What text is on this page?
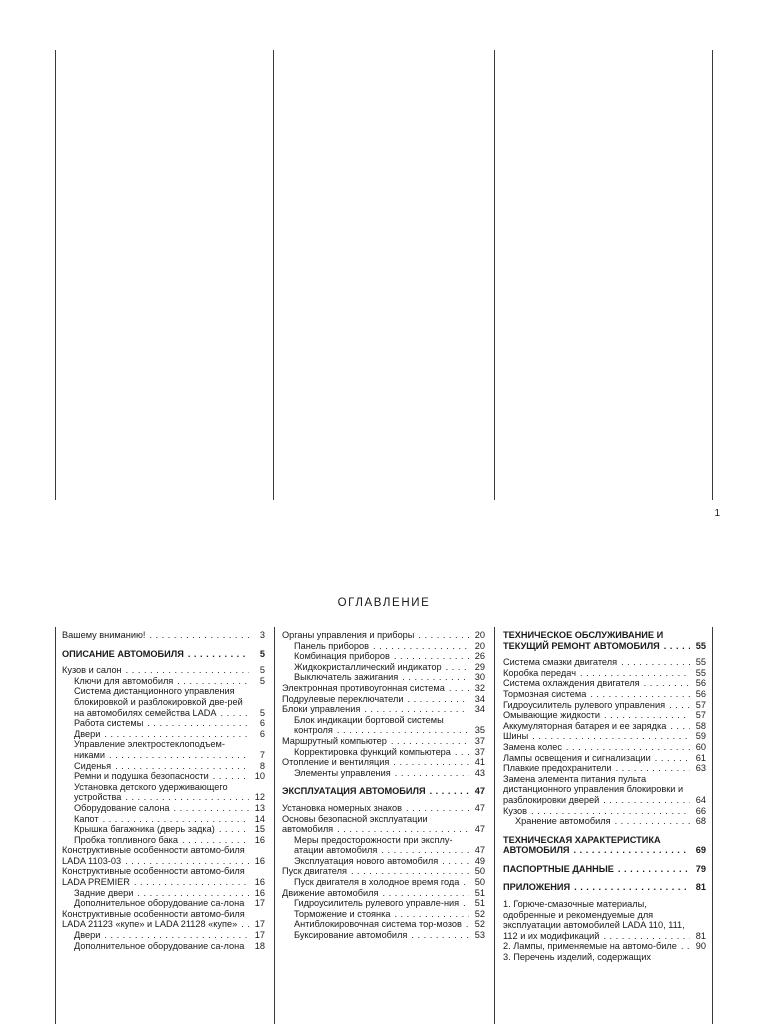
1
ОГЛАВЛЕНИЕ
Вашему вниманию! . . .	3
ОПИСАНИЕ АВТОМОБИЛЯ . . .	5
Кузов и салон . . .	5
Ключи для автомобиля . . .	5
Система дистанционного управления блокировкой и разблокировкой две-рей на автомобилях семейства LADA . . .	5
Работа системы . . .	6
Двери . . .	6
Управление электростеклоподъем-никами . . .	7
Сиденья . . .	8
Ремни и подушка безопасности . . .	10
Установка детского удерживающего устройства . . .	12
Оборудование салона . . .	13
Капот . . .	14
Крышка багажника (дверь задка) . . .	15
Пробка топливного бака . . .	16
Конструктивные особенности автомо-биля LADA 1103-03 . . .	16
Конструктивные особенности автомо-биля LADA PREMIER . . .	16
Задние двери . . .	16
Дополнительное оборудование са-лона . . .	17
Конструктивные особенности автомо-биля LADA 21123 «купе» и LADA 21128 «купе» . . .	17
Двери . . .	17
Дополнительное оборудование са-лона . . .	18
Органы управления и приборы . . .	20
Панель приборов . . .	20
Комбинация приборов . . .	26
Жидкокристаллический индикатор . . .	29
Выключатель зажигания . . .	30
Электронная противоугонная система . . .	32
Подрулевые переключатели . . .	34
Блоки управления . . .	34
Блок индикации бортовой системы контроля . . .	35
Маршрутный компьютер . . .	37
Корректировка функций компьютера . . .	37
Отопление и вентиляция . . .	41
Элементы управления . . .	43
ЭКСПЛУАТАЦИЯ АВТОМОБИЛЯ . . .	47
Установка номерных знаков . . .	47
Основы безопасной эксплуатации автомобиля . . .	47
Меры предосторожности при эксплу-атации автомобиля . . .	47
Эксплуатация нового автомобиля . . .	49
Пуск двигателя . . .	50
Пуск двигателя в холодное время года . . .	50
Движение автомобиля . . .	51
Гидроусилитель рулевого управле-ния . . .	51
Торможение и стоянка . . .	52
Антиблокировочная система тор-мозов . . .	52
Буксирование автомобиля . . .	53
ТЕХНИЧЕСКОЕ ОБСЛУЖИВАНИЕ И ТЕКУЩИЙ РЕМОНТ АВТОМОБИЛЯ . . .	55
Система смазки двигателя . . .	55
Коробка передач . . .	55
Система охлаждения двигателя . . .	56
Тормозная система . . .	56
Гидроусилитель рулевого управления . . .	57
Омывающие жидкости . . .	57
Аккумуляторная батарея и ее зарядка . . .	58
Шины . . .	59
Замена колес . . .	60
Лампы освещения и сигнализации . . .	61
Плавкие предохранители . . .	63
Замена элемента питания пульта дистанционного управления блокировки и разблокировки дверей . . .	64
Кузов . . .	66
Хранение автомобиля . . .	68
ТЕХНИЧЕСКАЯ ХАРАКТЕРИСТИКА АВТОМОБИЛЯ . . .	69
ПАСПОРТНЫЕ ДАННЫЕ . . .	79
ПРИЛОЖЕНИЯ . . .	81
1. Горюче-смазочные материалы, одобренные и рекомендуемые для эксплуатации автомобилей LADA 110, 111, 112 и их модификаций . . .	81
2. Лампы, применяемые на автомо-биле . . .	90
3. Перечень изделий, содержащих
